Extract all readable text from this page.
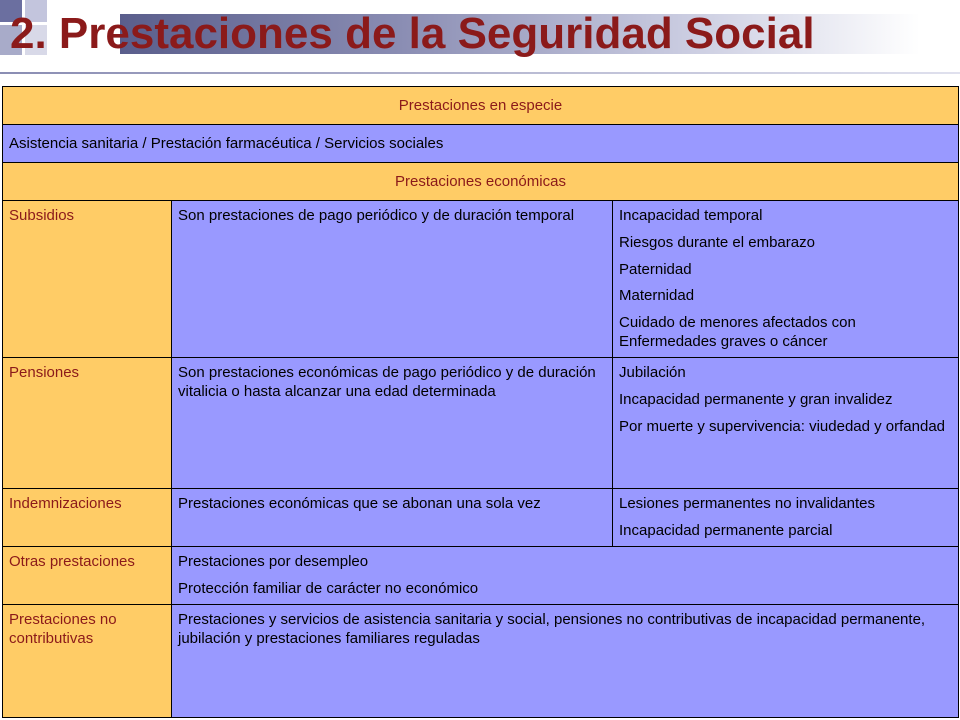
2. Prestaciones de la Seguridad Social
Prestaciones en especie		
Asistencia sanitaria / Prestación farmacéutica / Servicios sociales		
Prestaciones económicas		
Subsidios	Son prestaciones de pago periódico y de duración temporal	Incapacidad temporal

Riesgos durante el embarazo

Paternidad

Maternidad

Cuidado de menores afectados con Enfermedades graves o cáncer

Pensiones	Son prestaciones económicas de pago periódico y de duración vitalicia o hasta alcanzar una edad determinada	Jubilación

Incapacidad permanente y gran invalidez

Por muerte y supervivencia: viudedad y orfandad

Indemnizaciones	Prestaciones económicas que se abonan una sola vez	Lesiones permanentes no invalidantes

Incapacidad permanente parcial

Otras prestaciones	Prestaciones por desempleo

Protección familiar de carácter no económico	

Prestaciones no contributivas	Prestaciones y servicios de asistencia sanitaria y social, pensiones no contributivas de incapacidad permanente, jubilación y prestaciones familiares reguladas	
